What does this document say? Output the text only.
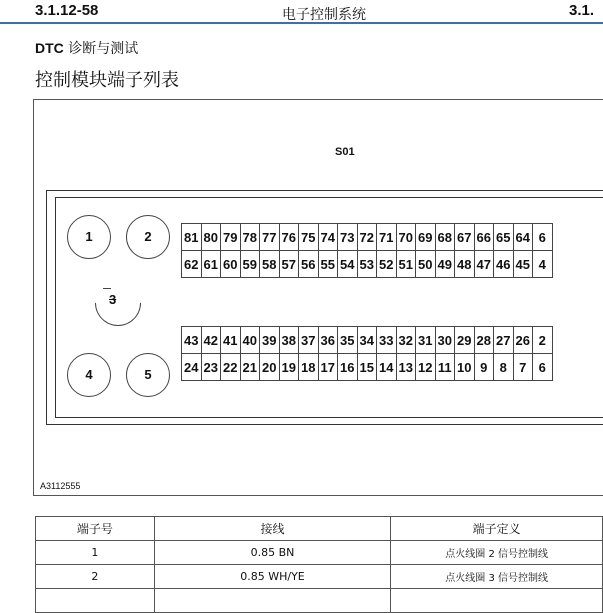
3.1.12-58	电子控制系统	3.1.
DTC 诊断与测试
控制模块端子列表
S01
1	2
3
4	5
81	80	79	78	77	76	75	74	73	72	71	70	69	68	67	66	65	64	6
62	61	60	59	58	57	56	55	54	53	52	51	50	49	48	47	46	45	4
43	42	41	40	39	38	37	36	35	34	33	32	31	30	29	28	27	26	2
24	23	22	21	20	19	18	17	16	15	14	13	12	11	10	9	8	7	6
A3112555
端子号	接线	端子定义
1	0.85 BN	点火线圈 2 信号控制线
2	0.85 WH/YE	点火线圈 3 信号控制线
